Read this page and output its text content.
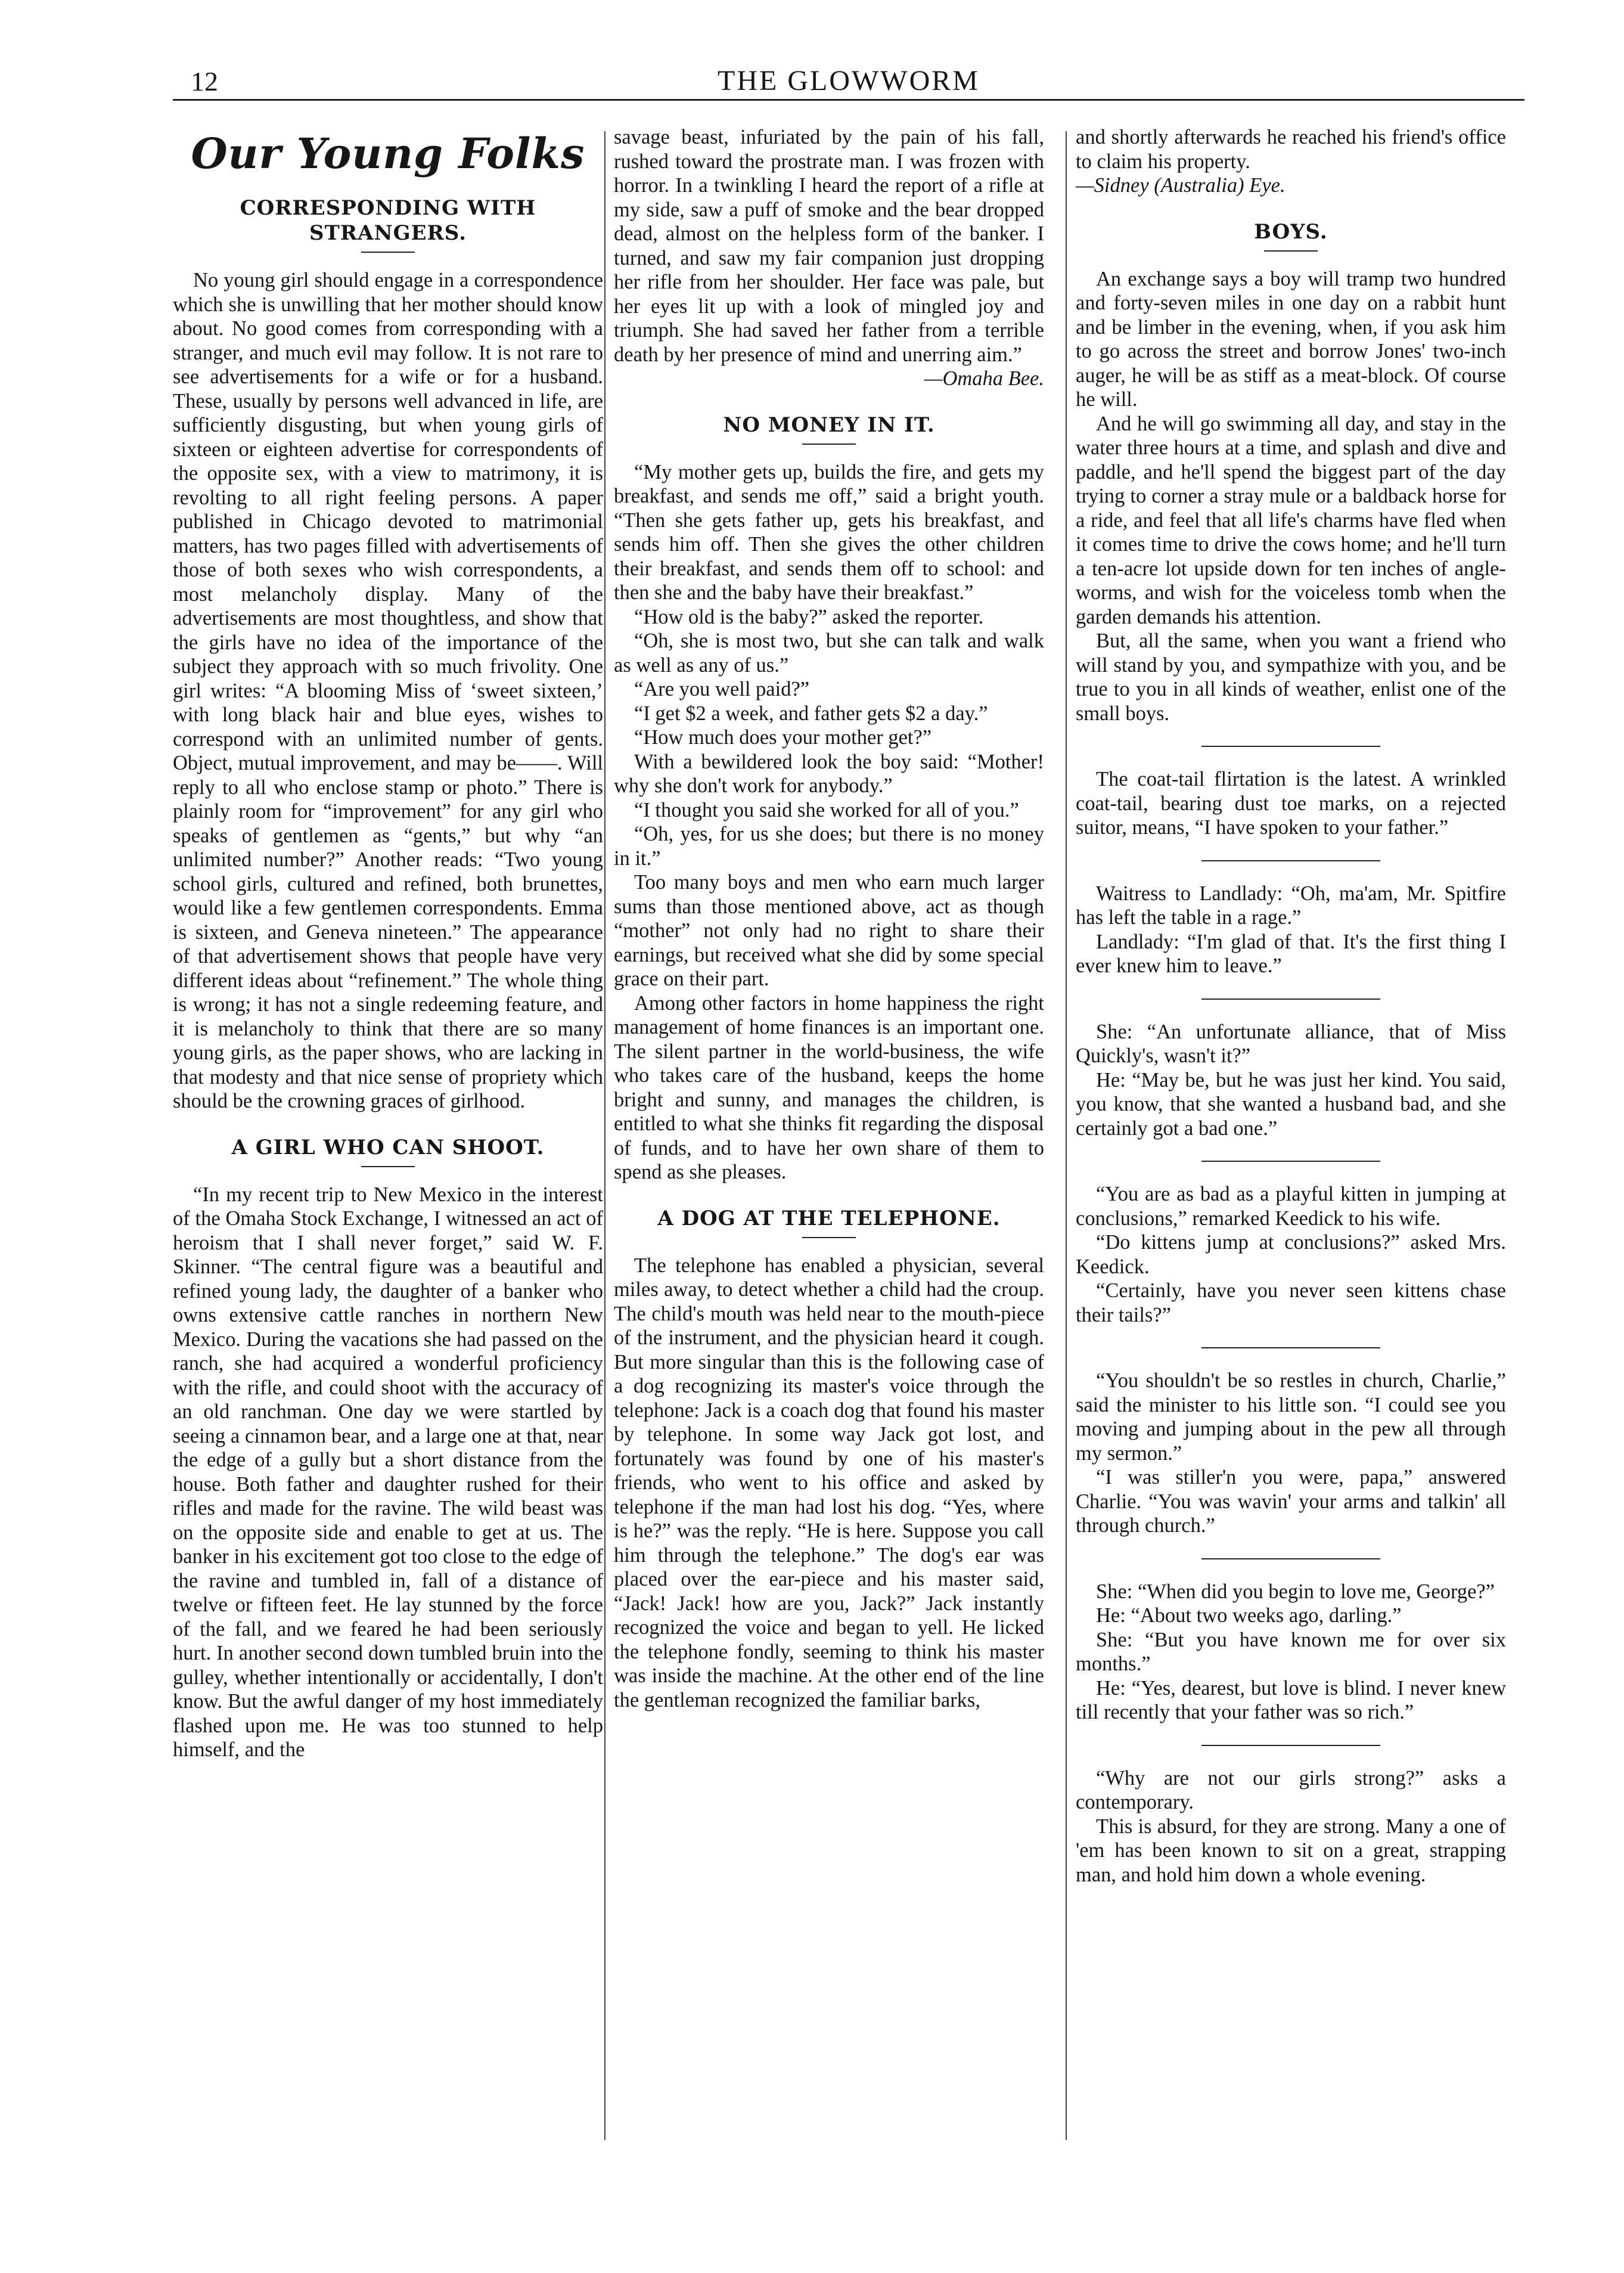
12	THE GLOWWORM
Our Young Folks
CORRESPONDING WITH STRANGERS.

No young girl should engage in a correspondence which she is unwilling that her mother should know about. No good comes from corresponding with a stranger, and much evil may follow. It is not rare to see advertisements for a wife or for a husband. These, usually by persons well advanced in life, are sufficiently disgusting, but when young girls of sixteen or eighteen advertise for correspondents of the opposite sex, with a view to matrimony, it is revolting to all right feeling persons. A paper published in Chicago devoted to matrimonial matters, has two pages filled with advertisements of those of both sexes who wish correspondents, a most melancholy display. Many of the advertisements are most thoughtless, and show that the girls have no idea of the importance of the subject they approach with so much frivolity. One girl writes: “A blooming Miss of ‘sweet sixteen,’ with long black hair and blue eyes, wishes to correspond with an unlimited number of gents. Object, mutual improvement, and may be——. Will reply to all who enclose stamp or photo.” There is plainly room for “improvement” for any girl who speaks of gentlemen as “gents,” but why “an unlimited number?” Another reads: “Two young school girls, cultured and refined, both brunettes, would like a few gentlemen correspondents. Emma is sixteen, and Geneva nineteen.” The appearance of that advertisement shows that people have very different ideas about “refinement.” The whole thing is wrong; it has not a single redeeming feature, and it is melancholy to think that there are so many young girls, as the paper shows, who are lacking in that modesty and that nice sense of propriety which should be the crowning graces of girlhood.

A GIRL WHO CAN SHOOT.

“In my recent trip to New Mexico in the interest of the Omaha Stock Exchange, I witnessed an act of heroism that I shall never forget,” said W. F. Skinner. “The central figure was a beautiful and refined young lady, the daughter of a banker who owns extensive cattle ranches in northern New Mexico. During the vacations she had passed on the ranch, she had acquired a wonderful proficiency with the rifle, and could shoot with the accuracy of an old ranchman. One day we were startled by seeing a cinnamon bear, and a large one at that, near the edge of a gully but a short distance from the house. Both father and daughter rushed for their rifles and made for the ravine. The wild beast was on the opposite side and enable to get at us. The banker in his excitement got too close to the edge of the ravine and tumbled in, fall of a distance of twelve or fifteen feet. He lay stunned by the force of the fall, and we feared he had been seriously hurt. In another second down tumbled bruin into the gulley, whether intentionally or accidentally, I don't know. But the awful danger of my host immediately flashed upon me. He was too stunned to help himself, and the

savage beast, infuriated by the pain of his fall, rushed toward the prostrate man. I was frozen with horror. In a twinkling I heard the report of a rifle at my side, saw a puff of smoke and the bear dropped dead, almost on the helpless form of the banker. I turned, and saw my fair companion just dropping her rifle from her shoulder. Her face was pale, but her eyes lit up with a look of mingled joy and triumph. She had saved her father from a terrible death by her presence of mind and unerring aim.”

—Omaha Bee.

NO MONEY IN IT.

“My mother gets up, builds the fire, and gets my breakfast, and sends me off,” said a bright youth. “Then she gets father up, gets his breakfast, and sends him off. Then she gives the other children their breakfast, and sends them off to school: and then she and the baby have their breakfast.”

“How old is the baby?” asked the reporter.

“Oh, she is most two, but she can talk and walk as well as any of us.”

“Are you well paid?”

“I get $2 a week, and father gets $2 a day.”

“How much does your mother get?”

With a bewildered look the boy said: “Mother! why she don't work for anybody.”

“I thought you said she worked for all of you.”

“Oh, yes, for us she does; but there is no money in it.”

Too many boys and men who earn much larger sums than those mentioned above, act as though “mother” not only had no right to share their earnings, but received what she did by some special grace on their part.

Among other factors in home happiness the right management of home finances is an important one. The silent partner in the world-business, the wife who takes care of the husband, keeps the home bright and sunny, and manages the children, is entitled to what she thinks fit regarding the disposal of funds, and to have her own share of them to spend as she pleases.

A DOG AT THE TELEPHONE.

The telephone has enabled a physician, several miles away, to detect whether a child had the croup. The child's mouth was held near to the mouth-piece of the instrument, and the physician heard it cough. But more singular than this is the following case of a dog recognizing its master's voice through the telephone: Jack is a coach dog that found his master by telephone. In some way Jack got lost, and fortunately was found by one of his master's friends, who went to his office and asked by telephone if the man had lost his dog. “Yes, where is he?” was the reply. “He is here. Suppose you call him through the telephone.” The dog's ear was placed over the ear-piece and his master said, “Jack! Jack! how are you, Jack?” Jack instantly recognized the voice and began to yell. He licked the telephone fondly, seeming to think his master was inside the machine. At the other end of the line the gentleman recognized the familiar barks,

and shortly afterwards he reached his friend's office to claim his property.

—Sidney (Australia) Eye.

BOYS.

An exchange says a boy will tramp two hundred and forty-seven miles in one day on a rabbit hunt and be limber in the evening, when, if you ask him to go across the street and borrow Jones' two-inch auger, he will be as stiff as a meat-block. Of course he will.

And he will go swimming all day, and stay in the water three hours at a time, and splash and dive and paddle, and he'll spend the biggest part of the day trying to corner a stray mule or a baldback horse for a ride, and feel that all life's charms have fled when it comes time to drive the cows home; and he'll turn a ten-acre lot upside down for ten inches of angle-worms, and wish for the voiceless tomb when the garden demands his attention.

But, all the same, when you want a friend who will stand by you, and sympathize with you, and be true to you in all kinds of weather, enlist one of the small boys.

The coat-tail flirtation is the latest. A wrinkled coat-tail, bearing dust toe marks, on a rejected suitor, means, “I have spoken to your father.”

Waitress to Landlady: “Oh, ma'am, Mr. Spitfire has left the table in a rage.”

Landlady: “I'm glad of that. It's the first thing I ever knew him to leave.”

She: “An unfortunate alliance, that of Miss Quickly's, wasn't it?”

He: “May be, but he was just her kind. You said, you know, that she wanted a husband bad, and she certainly got a bad one.”

“You are as bad as a playful kitten in jumping at conclusions,” remarked Keedick to his wife.

“Do kittens jump at conclusions?” asked Mrs. Keedick.

“Certainly, have you never seen kittens chase their tails?”

“You shouldn't be so restles in church, Charlie,” said the minister to his little son. “I could see you moving and jumping about in the pew all through my sermon.”

“I was stiller'n you were, papa,” answered Charlie. “You was wavin' your arms and talkin' all through church.”

She: “When did you begin to love me, George?”

He: “About two weeks ago, darling.”

She: “But you have known me for over six months.”

He: “Yes, dearest, but love is blind. I never knew till recently that your father was so rich.”

“Why are not our girls strong?” asks a contemporary.

This is absurd, for they are strong. Many a one of 'em has been known to sit on a great, strapping man, and hold him down a whole evening.
